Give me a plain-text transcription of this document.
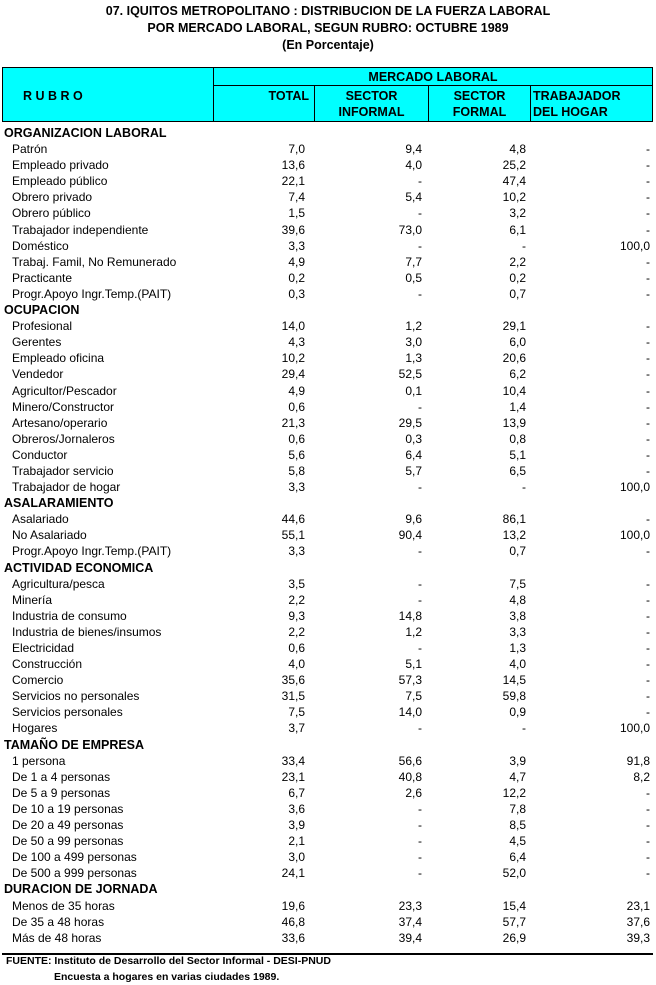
07. IQUITOS METROPOLITANO : DISTRIBUCION DE LA FUERZA LABORAL
POR MERCADO LABORAL, SEGUN RUBRO: OCTUBRE 1989
(En Porcentaje)
R U B R O
MERCADO LABORAL
TOTAL	SECTOR
INFORMAL
SECTOR
FORMAL
TRABAJADOR
DEL HOGAR
ORGANIZACION LABORAL
Patrón	7,0	9,4	4,8	-
Empleado privado	13,6	4,0	25,2	-
Empleado público	22,1	-	47,4	-
Obrero privado	7,4	5,4	10,2	-
Obrero público	1,5	-	3,2	-
Trabajador independiente	39,6	73,0	6,1	-
Doméstico	3,3	-	-	100,0
Trabaj. Famil, No Remunerado	4,9	7,7	2,2	-
Practicante	0,2	0,5	0,2	-
Progr.Apoyo Ingr.Temp.(PAIT)	0,3	-	0,7	-
OCUPACION
Profesional	14,0	1,2	29,1	-
Gerentes	4,3	3,0	6,0	-
Empleado oficina	10,2	1,3	20,6	-
Vendedor	29,4	52,5	6,2	-
Agricultor/Pescador	4,9	0,1	10,4	-
Minero/Constructor	0,6	-	1,4	-
Artesano/operario	21,3	29,5	13,9	-
Obreros/Jornaleros	0,6	0,3	0,8	-
Conductor	5,6	6,4	5,1	-
Trabajador servicio	5,8	5,7	6,5	-
Trabajador de hogar	3,3	-	-	100,0
ASALARAMIENTO
Asalariado	44,6	9,6	86,1	-
No Asalariado	55,1	90,4	13,2	100,0
Progr.Apoyo Ingr.Temp.(PAIT)	3,3	-	0,7	-
ACTIVIDAD ECONOMICA
Agricultura/pesca	3,5	-	7,5	-
Minería	2,2	-	4,8	-
Industria de consumo	9,3	14,8	3,8	-
Industria de bienes/insumos	2,2	1,2	3,3	-
Electricidad	0,6	-	1,3	-
Construcción	4,0	5,1	4,0	-
Comercio	35,6	57,3	14,5	-
Servicios no personales	31,5	7,5	59,8	-
Servicios personales	7,5	14,0	0,9	-
Hogares	3,7	-	-	100,0
TAMAÑO DE EMPRESA
1 persona	33,4	56,6	3,9	91,8
De 1 a 4 personas	23,1	40,8	4,7	8,2
De 5 a 9 personas	6,7	2,6	12,2	-
De 10 a 19 personas	3,6	-	7,8	-
De 20 a 49 personas	3,9	-	8,5	-
De 50 a 99 personas	2,1	-	4,5	-
De 100 a 499 personas	3,0	-	6,4	-
De 500 a 999 personas	24,1	-	52,0	-
DURACION DE JORNADA
Menos de 35 horas	19,6	23,3	15,4	23,1
De 35 a 48 horas	46,8	37,4	57,7	37,6
Más de 48 horas	33,6	39,4	26,9	39,3
FUENTE: Instituto de Desarrollo del Sector Informal - DESI-PNUD
Encuesta a hogares en varias ciudades 1989.
